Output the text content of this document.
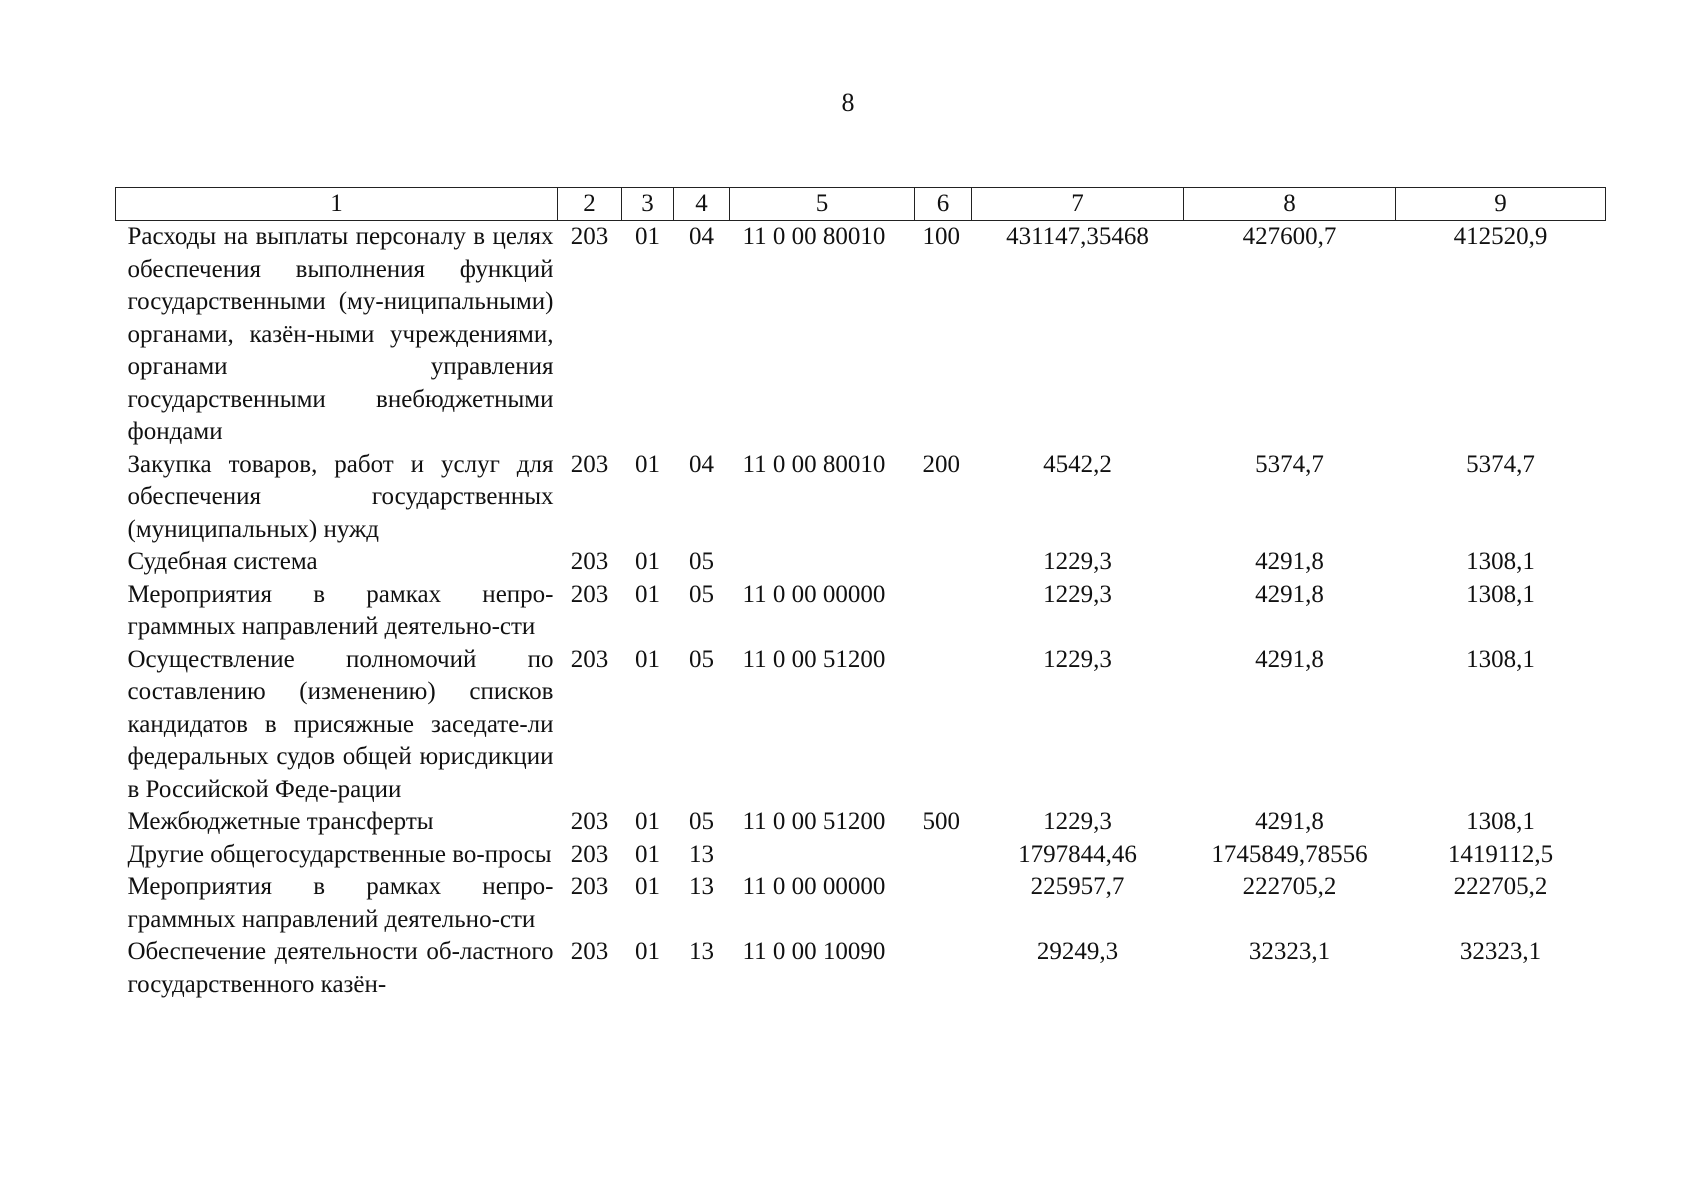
8
1	2	3	4	5	6	7	8	9
Расходы на выплаты персоналу в целях обеспечения выполнения функций государственными (му-ниципальными) органами, казён-ными учреждениями, органами управления государственными внебюджетными фондами	203	01	04	11 0 00 80010	100	431147,35468	427600,7	412520,9
Закупка товаров, работ и услуг для обеспечения государственных (муниципальных) нужд	203	01	04	11 0 00 80010	200	4542,2	5374,7	5374,7
Судебная система	203	01	05			1229,3	4291,8	1308,1
Мероприятия в рамках непро-граммных направлений деятельно-сти	203	01	05	11 0 00 00000		1229,3	4291,8	1308,1
Осуществление полномочий по составлению (изменению) списков кандидатов в присяжные заседате-ли федеральных судов общей юрисдикции в Российской Феде-рации	203	01	05	11 0 00 51200		1229,3	4291,8	1308,1
Межбюджетные трансферты	203	01	05	11 0 00 51200	500	1229,3	4291,8	1308,1
Другие общегосударственные во-просы	203	01	13			1797844,46	1745849,78556	1419112,5
Мероприятия в рамках непро-граммных направлений деятельно-сти	203	01	13	11 0 00 00000		225957,7	222705,2	222705,2
Обеспечение деятельности об-ластного государственного казён-	203	01	13	11 0 00 10090		29249,3	32323,1	32323,1
